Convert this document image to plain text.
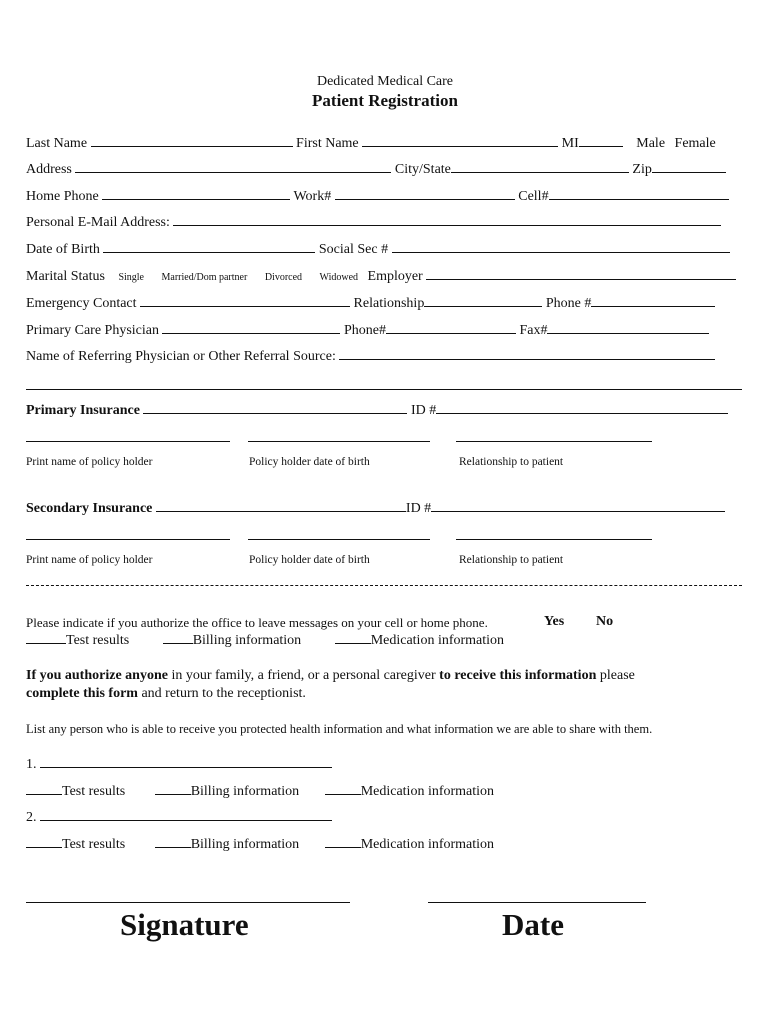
Dedicated Medical Care
Patient Registration
Last Name	First Name	MI	Male Female
Address	City/State	Zip
Home Phone	Work#	Cell#
Personal E-Mail Address:
Date of Birth	Social Sec #
Marital Status Single Married/Dom partner Divorced Widowed Employer
Emergency Contact	Relationship	Phone #
Primary Care Physician	Phone#	Fax#
Name of Referring Physician or Other Referral Source:
Primary Insurance	ID #
Print name of policy holder	Policy holder date of birth	Relationship to patient
Secondary Insurance	ID #
Print name of policy holder	Policy holder date of birth	Relationship to patient
Please indicate if you authorize the office to leave messages on your cell or home phone.	Yes No
Test results	Billing information	Medication information
If you authorize anyone in your family, a friend, or a personal caregiver to receive this information please
complete this form and return to the receptionist.
List any person who is able to receive you protected health information and what information we are able to share with them.
1.
Test results	Billing information	Medication information
2.
Test results	Billing information	Medication information
Signature	Date
